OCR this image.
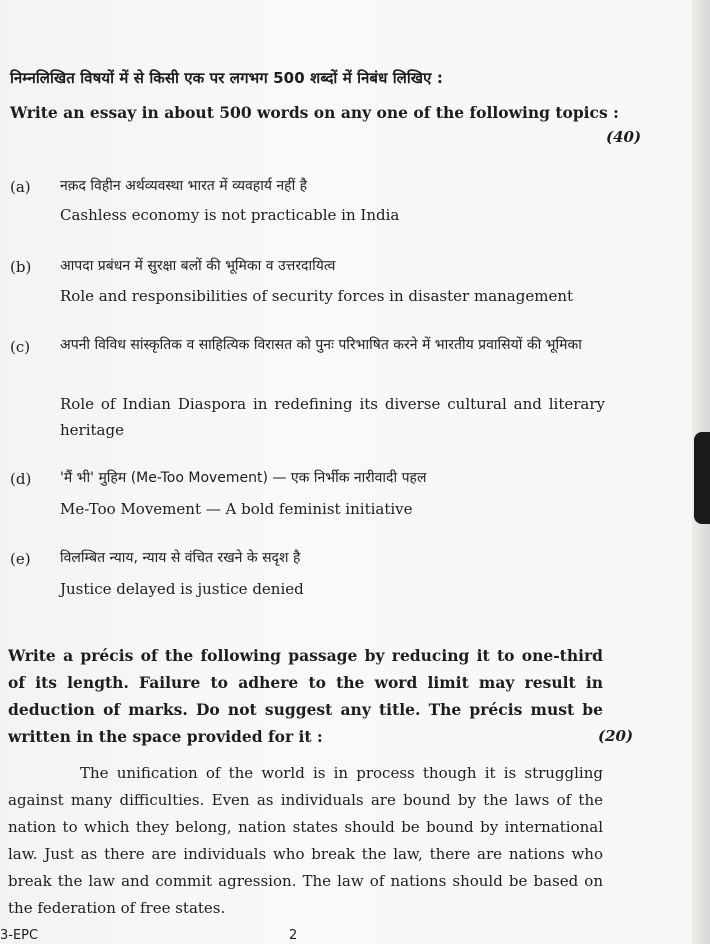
निम्नलिखित विषयों में से किसी एक पर लगभग 500 शब्दों में निबंध लिखिए :
Write an essay in about 500 words on any one of the following topics :
(40)
(a) नक़द विहीन अर्थव्यवस्था भारत में व्यवहार्य नहीं है
Cashless economy is not practicable in India
(b) आपदा प्रबंधन में सुरक्षा बलों की भूमिका व उत्तरदायित्व
Role and responsibilities of security forces in disaster management
(c) अपनी विविध सांस्कृतिक व साहित्यिक विरासत को पुनः परिभाषित करने में भारतीय प्रवासियों की भूमिका
Role of Indian Diaspora in redefining its diverse cultural and literary heritage
(d) 'मैं भी' मुहिम (Me-Too Movement) — एक निर्भीक नारीवादी पहल
Me-Too Movement — A bold feminist initiative
(e) विलम्बित न्याय, न्याय से वंचित रखने के सदृश है
Justice delayed is justice denied
Write a précis of the following passage by reducing it to one-third of its length. Failure to adhere to the word limit may result in deduction of marks. Do not suggest any title. The précis must be written in the space provided for it :	(20)
The unification of the world is in process though it is struggling against many difficulties. Even as individuals are bound by the laws of the nation to which they belong, nation states should be bound by international law. Just as there are individuals who break the law, there are nations who break the law and commit agression. The law of nations should be based on the federation of free states.
3-EPC	2
